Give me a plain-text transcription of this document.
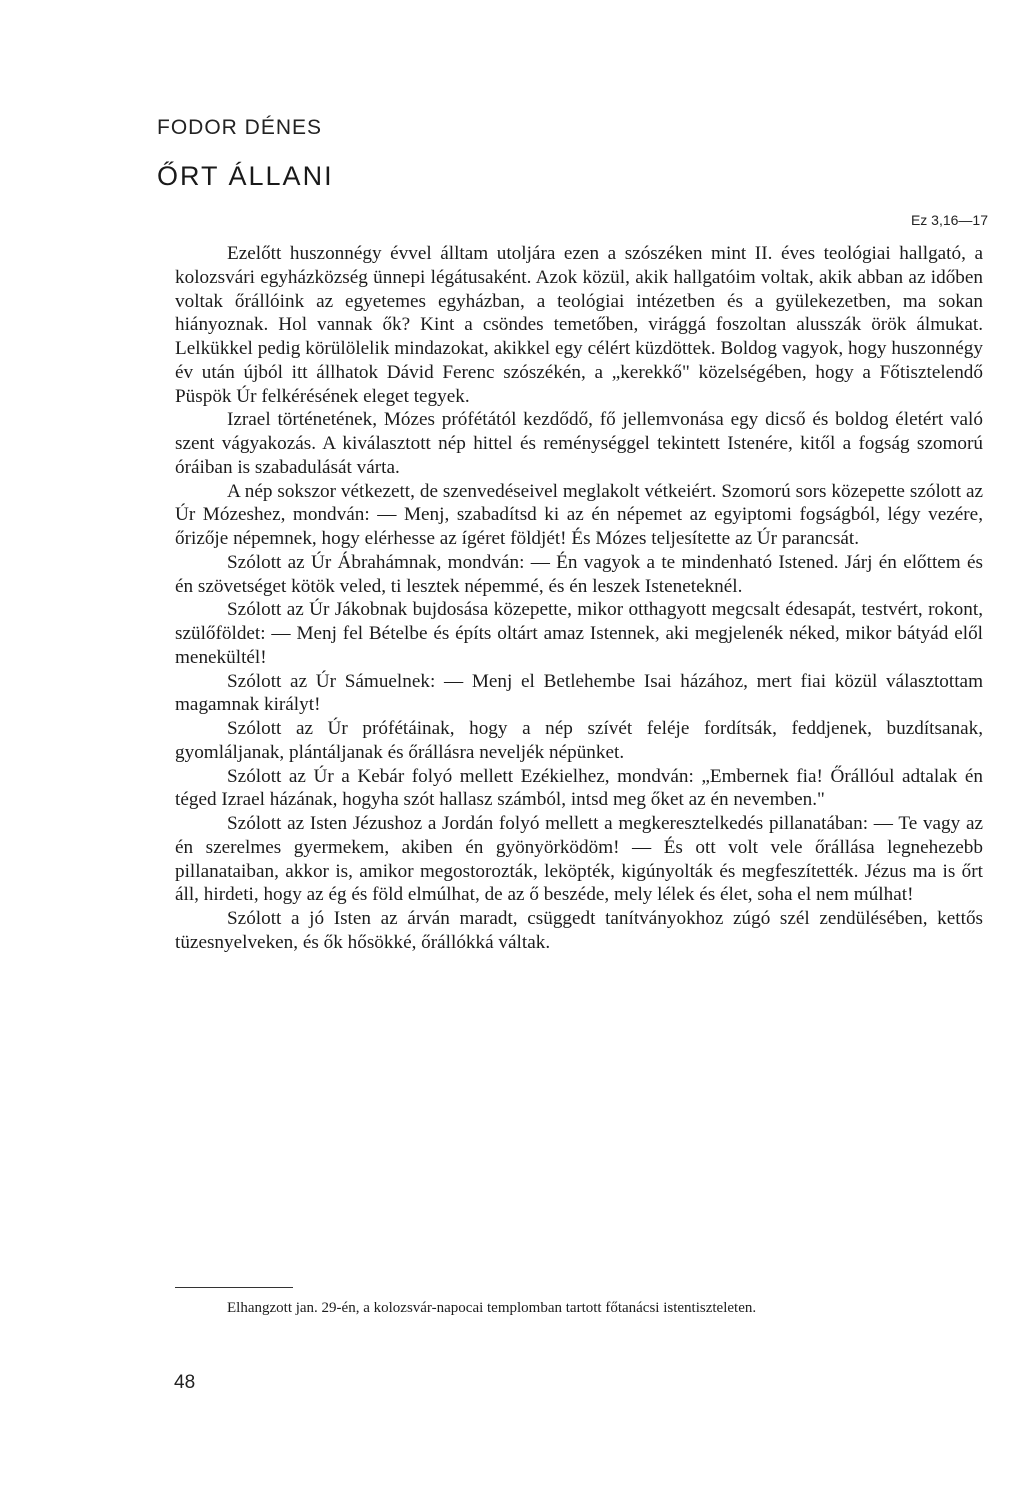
FODOR DÉNES
ŐRT ÁLLANI
Ez 3,16—17

Ezelőtt huszonnégy évvel álltam utoljára ezen a szószéken mint II. éves teológiai hallgató, a kolozsvári egyházközség ünnepi légátusaként. Azok közül, akik hallgatóim voltak, akik abban az időben voltak őrállóink az egyetemes egyházban, a teológiai intézetben és a gyülekezetben, ma sokan hiányoznak. Hol vannak ők? Kint a csöndes temetőben, virággá foszoltan alusszák örök álmukat. Lelkükkel pedig körülölelik mindazokat, akikkel egy célért küzdöttek. Boldog vagyok, hogy huszonnégy év után újból itt állhatok Dávid Ferenc szószékén, a „kerekkő" közelségében, hogy a Főtisztelendő Püspök Úr felkérésének eleget tegyek.

Izrael történetének, Mózes prófétától kezdődő, fő jellemvonása egy dicső és boldog életért való szent vágyakozás. A kiválasztott nép hittel és reménységgel tekintett Istenére, kitől a fogság szomorú óráiban is szabadulását várta.

A nép sokszor vétkezett, de szenvedéseivel meglakolt vétkeiért. Szomorú sors közepette szólott az Úr Mózeshez, mondván: — Menj, szabadítsd ki az én népemet az egyiptomi fogságból, légy vezére, őrizője népemnek, hogy elérhesse az ígéret földjét! És Mózes teljesítette az Úr parancsát.

Szólott az Úr Ábrahámnak, mondván: — Én vagyok a te mindenható Istened. Járj én előttem és én szövetséget kötök veled, ti lesztek népemmé, és én leszek Isteneteknél.

Szólott az Úr Jákobnak bujdosása közepette, mikor otthagyott megcsalt édesapát, testvért, rokont, szülőföldet: — Menj fel Bételbe és építs oltárt amaz Istennek, aki megjelenék néked, mikor bátyád elől menekültél!

Szólott az Úr Sámuelnek: — Menj el Betlehembe Isai házához, mert fiai közül választottam magamnak királyt!

Szólott az Úr prófétáinak, hogy a nép szívét feléje fordítsák, feddjenek, buzdítsanak, gyomláljanak, plántáljanak és őrállásra neveljék népünket.

Szólott az Úr a Kebár folyó mellett Ezékielhez, mondván: „Embernek fia! Őrállóul adtalak én téged Izrael házának, hogyha szót hallasz számból, intsd meg őket az én nevemben."

Szólott az Isten Jézushoz a Jordán folyó mellett a megkeresztelkedés pillanatában: — Te vagy az én szerelmes gyermekem, akiben én gyönyörködöm! — És ott volt vele őrállása legnehezebb pillanataiban, akkor is, amikor megostorozták, leköpték, kigúnyolták és megfeszítették. Jézus ma is őrt áll, hirdeti, hogy az ég és föld elmúlhat, de az ő beszéde, mely lélek és élet, soha el nem múlhat!

Szólott a jó Isten az árván maradt, csüggedt tanítványokhoz zúgó szél zendülésében, kettős tüzesnyelveken, és ők hősökké, őrállókká váltak.

Elhangzott jan. 29-én, a kolozsvár-napocai templomban tartott főtanácsi istentiszteleten.
48
